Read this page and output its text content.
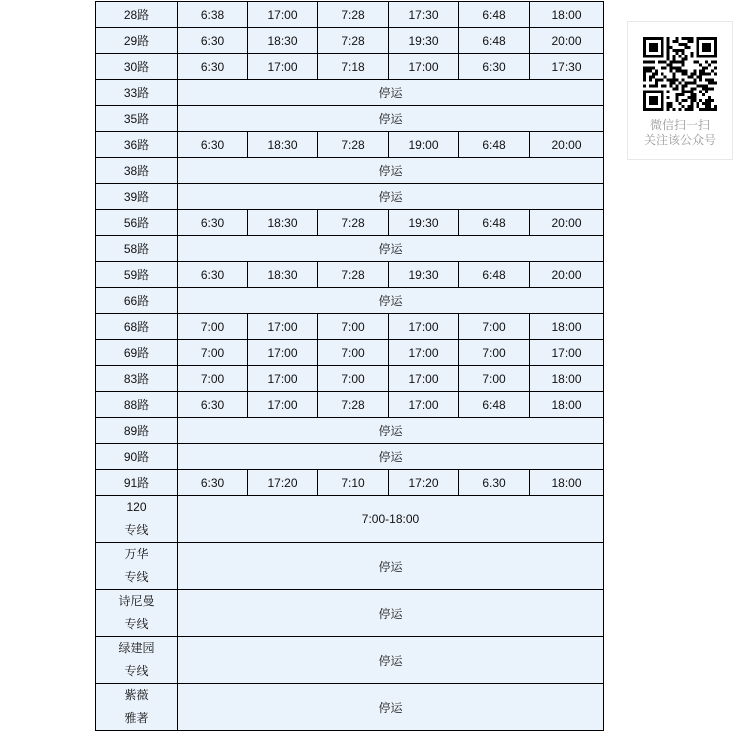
28路	6:38	17:00	7:28	17:30	6:48	18:00

29路	6:30	18:30	7:28	19:30	6:48	20:00

30路	6:30	17:00	7:18	17:00	6:30	17:30

33路	停运					

35路	停运					

36路	6:30	18:30	7:28	19:00	6:48	20:00

38路	停运					

39路	停运					

56路	6:30	18:30	7:28	19:30	6:48	20:00

58路	停运					

59路	6:30	18:30	7:28	19:30	6:48	20:00

66路	停运					

68路	7:00	17:00	7:00	17:00	7:00	18:00

69路	7:00	17:00	7:00	17:00	7:00	17:00

83路	7:00	17:00	7:00	17:00	7:00	18:00

88路	6:30	17:00	7:28	17:00	6:48	18:00

89路	停运					

90路	停运					

91路	6:30	17:20	7:10	17:20	6.30	18:00

120
专线	7:00-18:00					

万华
专线	停运					

诗尼曼
专线	停运					

绿建园
专线	停运					

紫薇
雅著	停运					
微信扫一扫
关注该公众号
